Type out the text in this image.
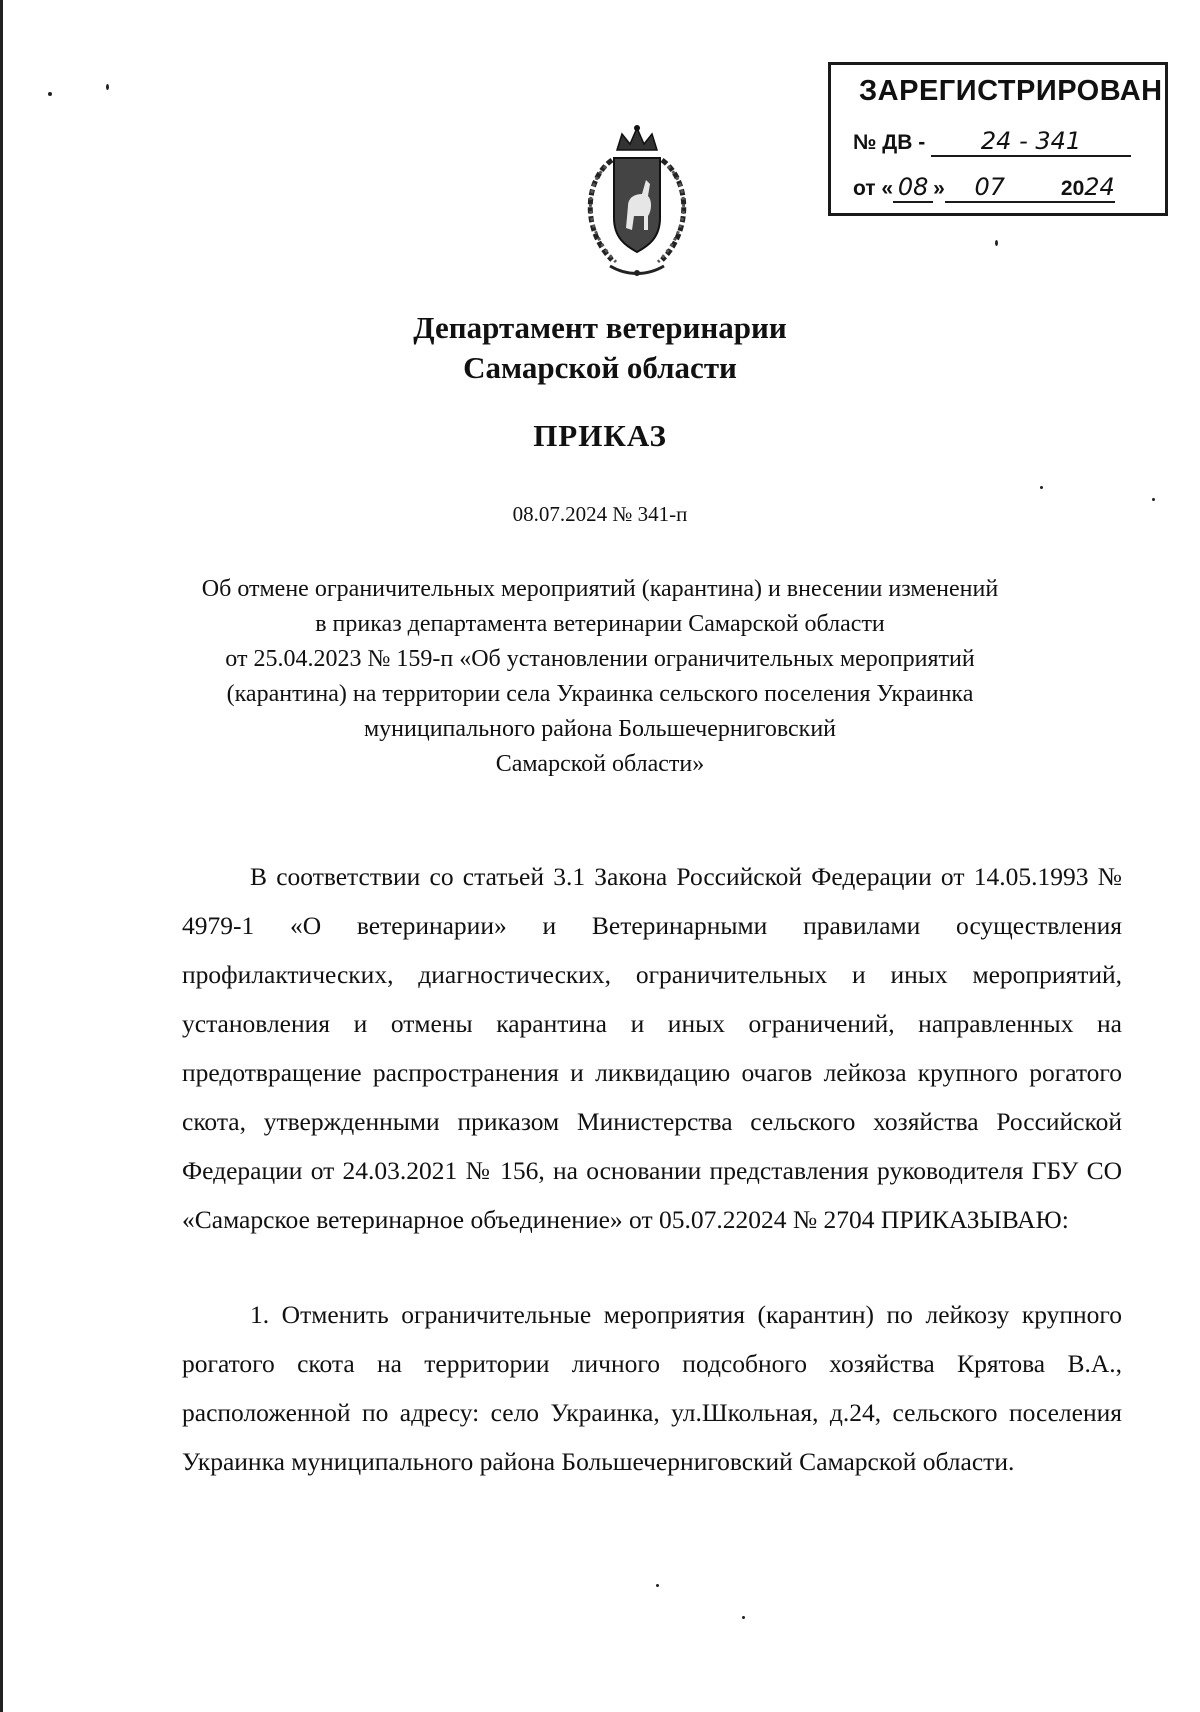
ЗАРЕГИСТРИРОВАН
№ ДВ - 24 - 341
от « 08 » 07	2024
Департамент ветеринарии
Самарской области
ПРИКАЗ
08.07.2024 № 341-п
Об отмене ограничительных мероприятий (карантина) и внесении изменений
в приказ департамента ветеринарии Самарской области
от 25.04.2023 № 159-п «Об установлении ограничительных мероприятий
(карантина) на территории села Украинка сельского поселения Украинка
муниципального района Большечерниговский
Самарской области»
В соответствии со статьей 3.1 Закона Российской Федерации от 14.05.1993 № 4979-1 «О ветеринарии» и Ветеринарными правилами осуществления профилактических, диагностических, ограничительных и иных мероприятий, установления и отмены карантина и иных ограничений, направленных на предотвращение распространения и ликвидацию очагов лейкоза крупного рогатого скота, утвержденными приказом Министерства сельского хозяйства Российской Федерации от 24.03.2021 № 156, на основании представления руководителя ГБУ СО «Самарское ветеринарное объединение» от 05.07.22024 № 2704 ПРИКАЗЫВАЮ:
1. Отменить ограничительные мероприятия (карантин) по лейкозу крупного рогатого скота на территории личного подсобного хозяйства Крятова В.А., расположенной по адресу: село Украинка, ул.Школьная, д.24, сельского поселения Украинка муниципального района Большечерниговский Самарской области.
